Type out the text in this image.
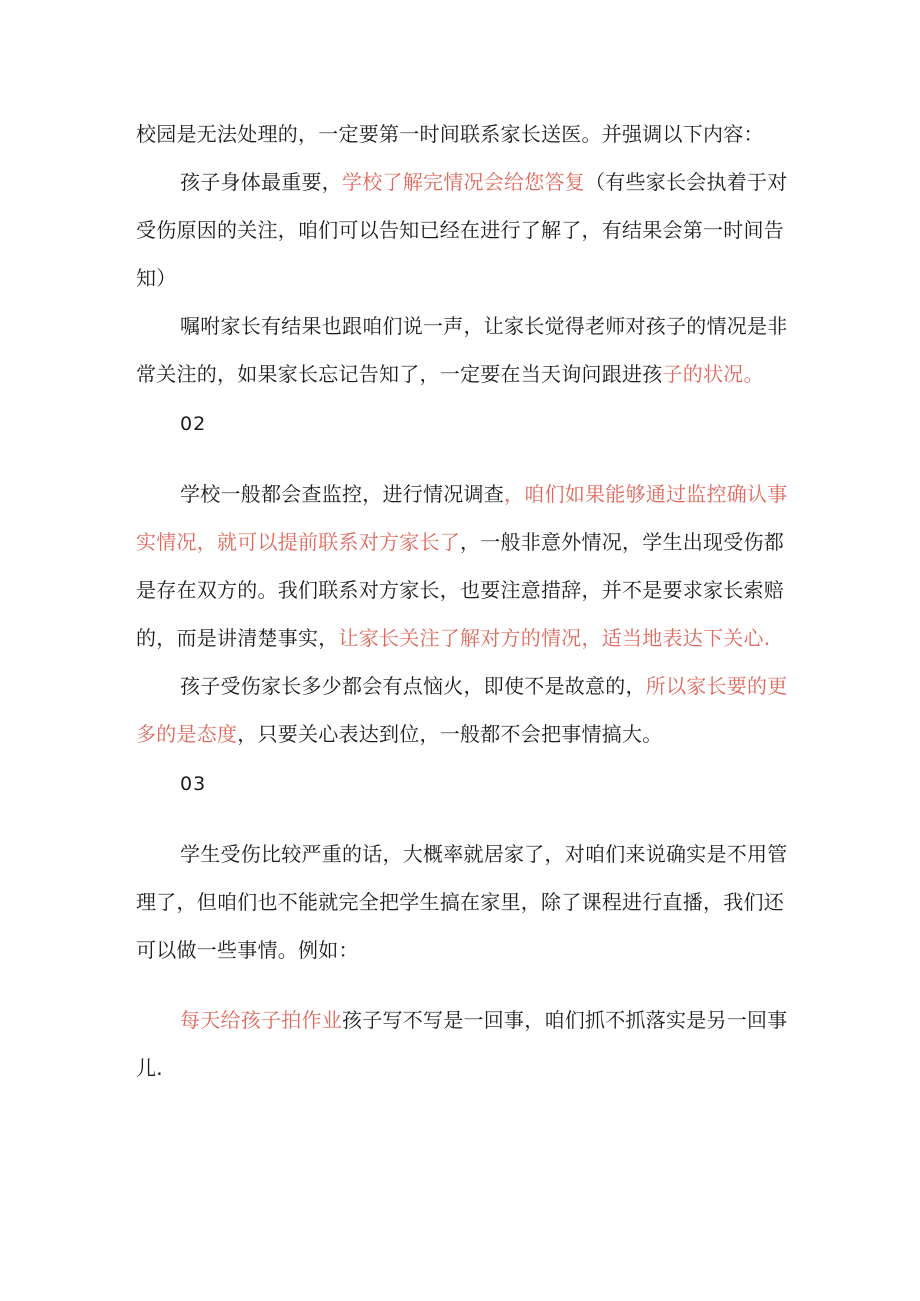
校园是无法处理的，一定要第一时间联系家长送医。并强调以下内容：

孩子身体最重要，学校了解完情况会给您答复（有些家长会执着于对

受伤原因的关注，咱们可以告知已经在进行了解了，有结果会第一时间告

知）

嘱咐家长有结果也跟咱们说一声，让家长觉得老师对孩子的情况是非

常关注的，如果家长忘记告知了，一定要在当天询问跟进孩子的状况。

02

学校一般都会查监控，进行情况调查，咱们如果能够通过监控确认事

实情况，就可以提前联系对方家长了，一般非意外情况，学生出现受伤都

是存在双方的。我们联系对方家长，也要注意措辞，并不是要求家长索赔

的，而是讲清楚事实，让家长关注了解对方的情况，适当地表达下关心.

孩子受伤家长多少都会有点恼火，即使不是故意的，所以家长要的更

多的是态度，只要关心表达到位，一般都不会把事情搞大。

03

学生受伤比较严重的话，大概率就居家了，对咱们来说确实是不用管

理了，但咱们也不能就完全把学生搞在家里，除了课程进行直播，我们还

可以做一些事情。例如：

每天给孩子拍作业孩子写不写是一回事，咱们抓不抓落实是另一回事

儿.
